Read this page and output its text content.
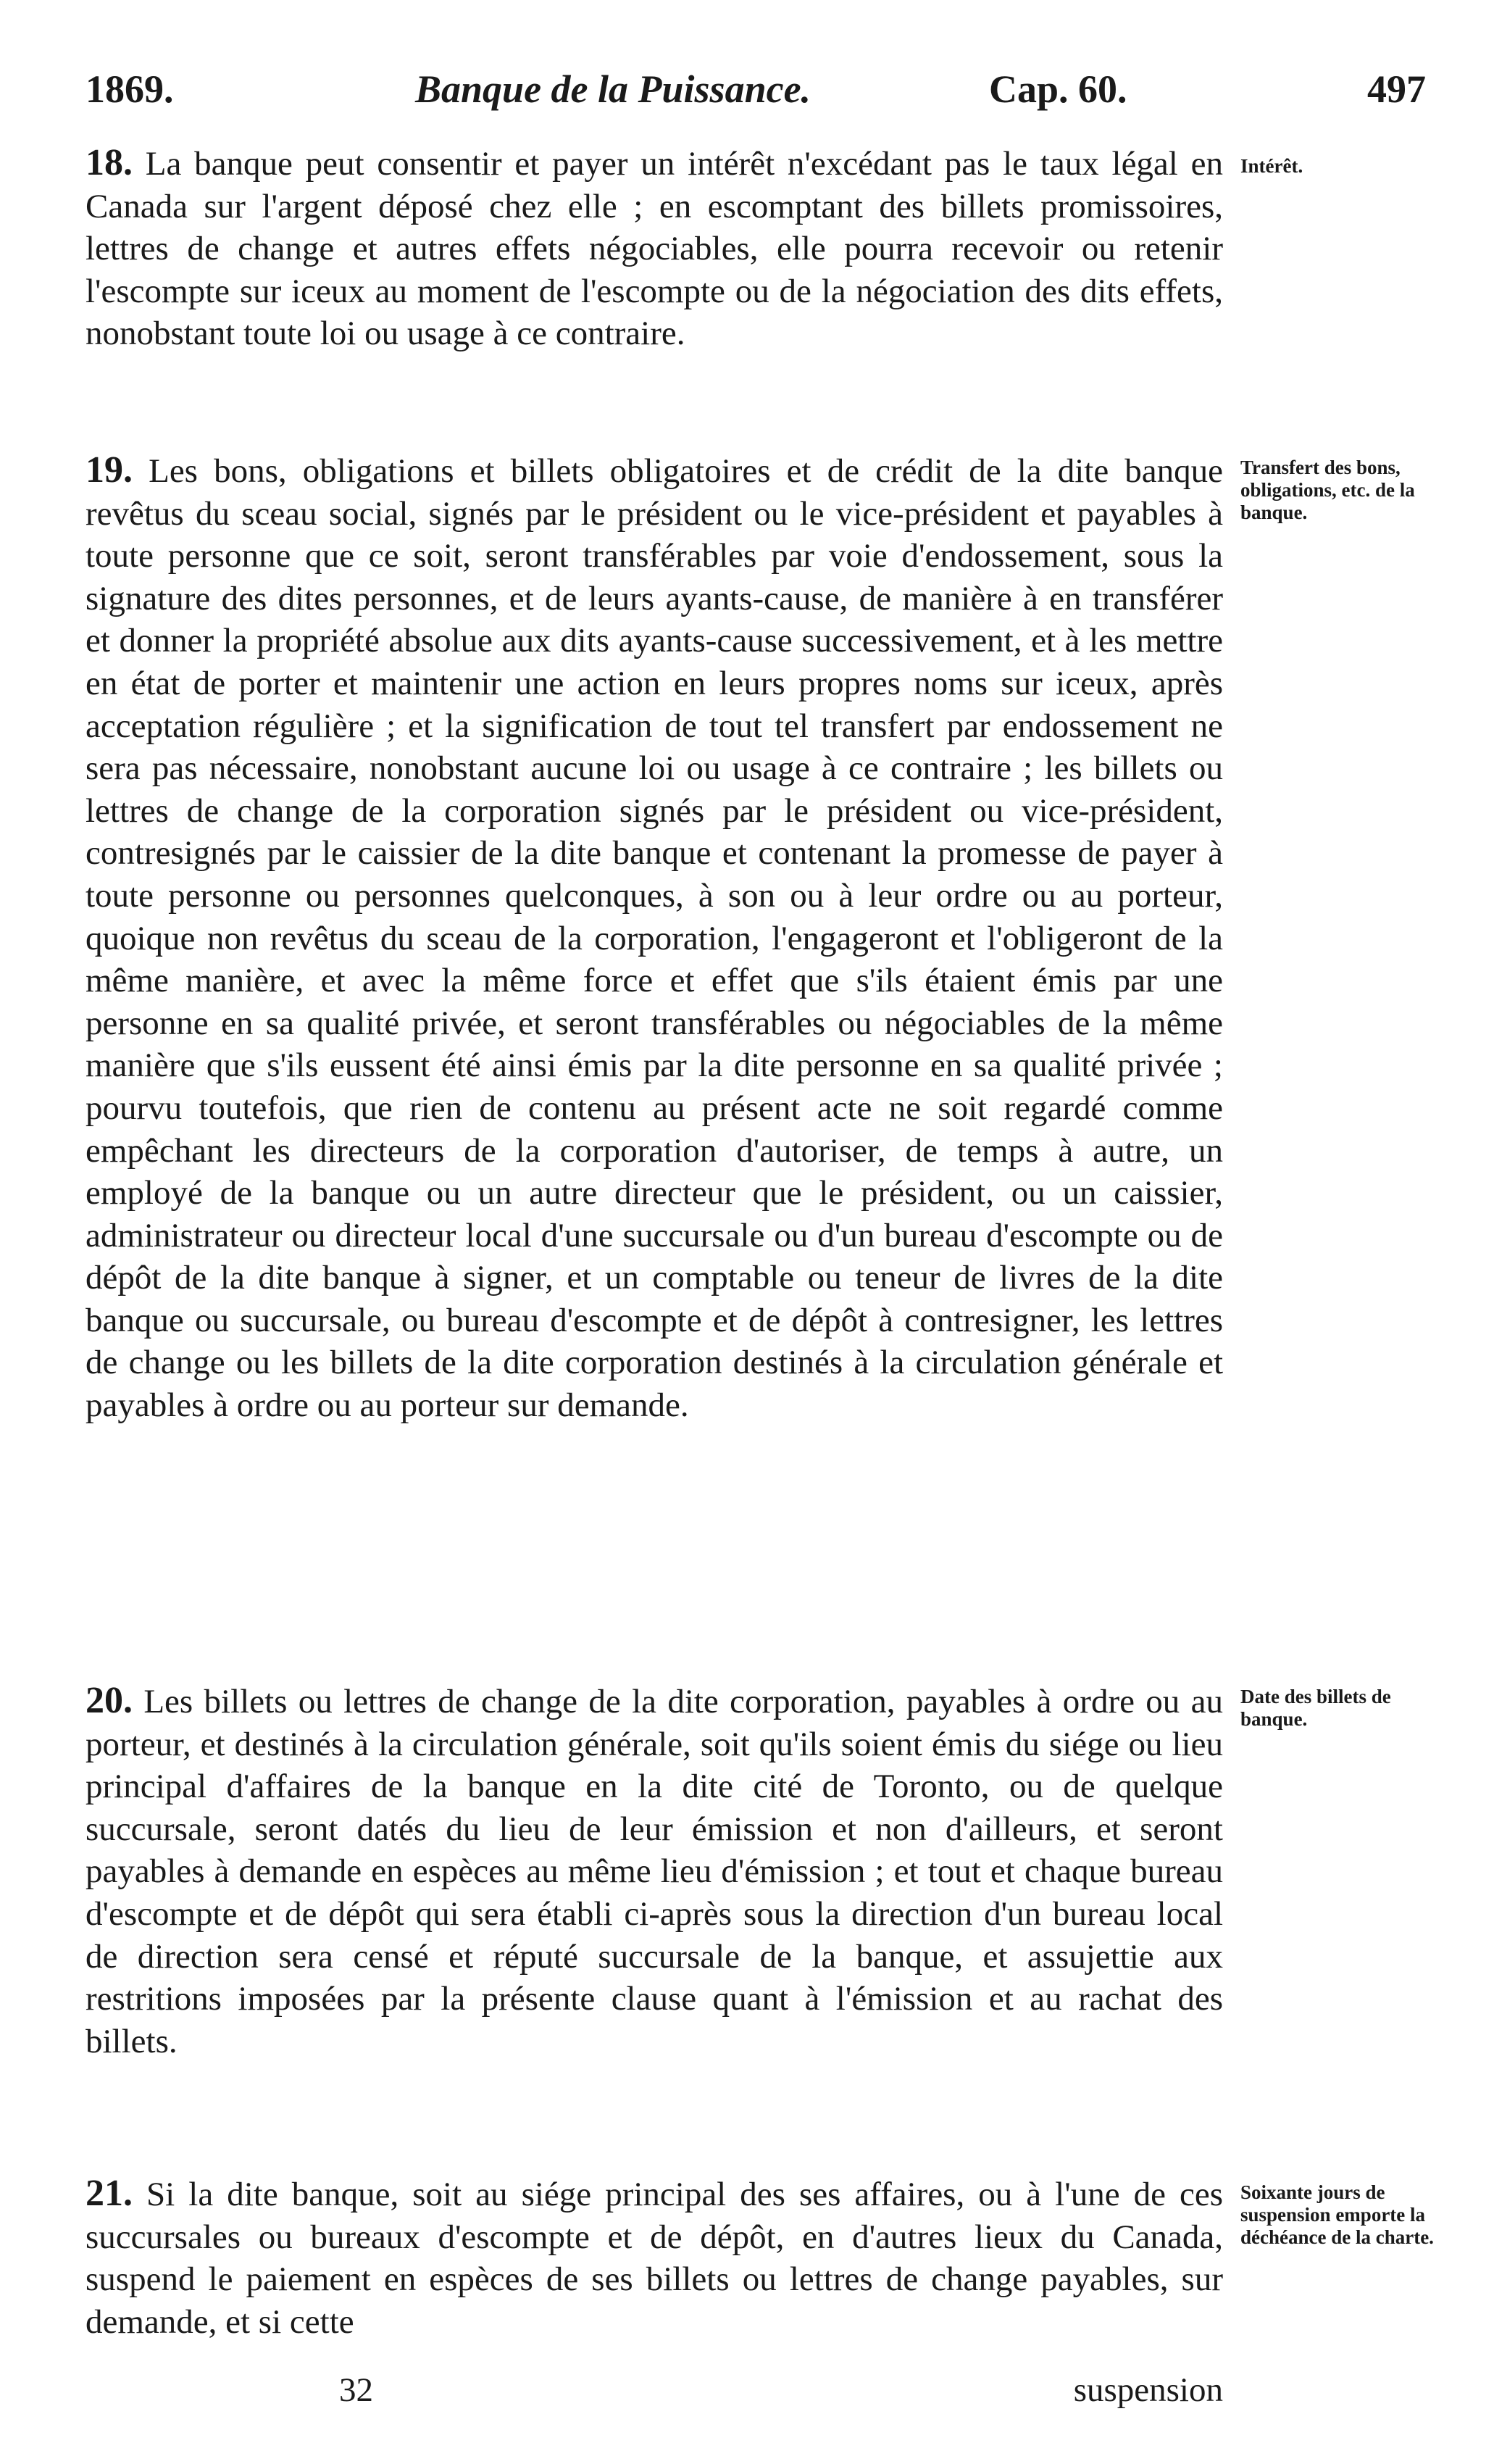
1869.	Banque de la Puissance.	Cap. 60.	497

18. La banque peut consentir et payer un intérêt n'excédant pas le taux légal en Canada sur l'argent déposé chez elle ; en escomptant des billets promissoires, lettres de change et autres effets négociables, elle pourra recevoir ou retenir l'escompte sur iceux au moment de l'escompte ou de la négociation des dits effets, nonobstant toute loi ou usage à ce contraire.

Intérêt.

19. Les bons, obligations et billets obligatoires et de crédit de la dite banque revêtus du sceau social, signés par le président ou le vice-président et payables à toute personne que ce soit, seront transférables par voie d'endossement, sous la signature des dites personnes, et de leurs ayants-cause, de manière à en transférer et donner la propriété absolue aux dits ayants-cause successivement, et à les mettre en état de porter et maintenir une action en leurs propres noms sur iceux, après acceptation régulière ; et la signification de tout tel transfert par endossement ne sera pas nécessaire, nonobstant aucune loi ou usage à ce contraire ; les billets ou lettres de change de la corporation signés par le président ou vice-président, contresignés par le caissier de la dite banque et contenant la promesse de payer à toute personne ou personnes quelconques, à son ou à leur ordre ou au porteur, quoique non revêtus du sceau de la corporation, l'engageront et l'obligeront de la même manière, et avec la même force et effet que s'ils étaient émis par une personne en sa qualité privée, et seront transférables ou négociables de la même manière que s'ils eussent été ainsi émis par la dite personne en sa qualité privée ; pourvu toutefois, que rien de contenu au présent acte ne soit regardé comme empêchant les directeurs de la corporation d'autoriser, de temps à autre, un employé de la banque ou un autre directeur que le président, ou un caissier, administrateur ou directeur local d'une succursale ou d'un bureau d'escompte ou de dépôt de la dite banque à signer, et un comptable ou teneur de livres de la dite banque ou succursale, ou bureau d'escompte et de dépôt à contresigner, les lettres de change ou les billets de la dite corporation destinés à la circulation générale et payables à ordre ou au porteur sur demande.

Transfert des bons, obligations, etc. de la banque.

20. Les billets ou lettres de change de la dite corporation, payables à ordre ou au porteur, et destinés à la circulation générale, soit qu'ils soient émis du siége ou lieu principal d'affaires de la banque en la dite cité de Toronto, ou de quelque succursale, seront datés du lieu de leur émission et non d'ailleurs, et seront payables à demande en espèces au même lieu d'émission ; et tout et chaque bureau d'escompte et de dépôt qui sera établi ci-après sous la direction d'un bureau local de direction sera censé et réputé succursale de la banque, et assujettie aux restritions imposées par la présente clause quant à l'émission et au rachat des billets.

Date des billets de banque.

21. Si la dite banque, soit au siége principal des ses affaires, ou à l'une de ces succursales ou bureaux d'escompte et de dépôt, en d'autres lieux du Canada, suspend le paiement en espèces de ses billets ou lettres de change payables, sur demande, et si cette

Soixante jours de suspension emporte la déchéance de la charte.

32	suspension
